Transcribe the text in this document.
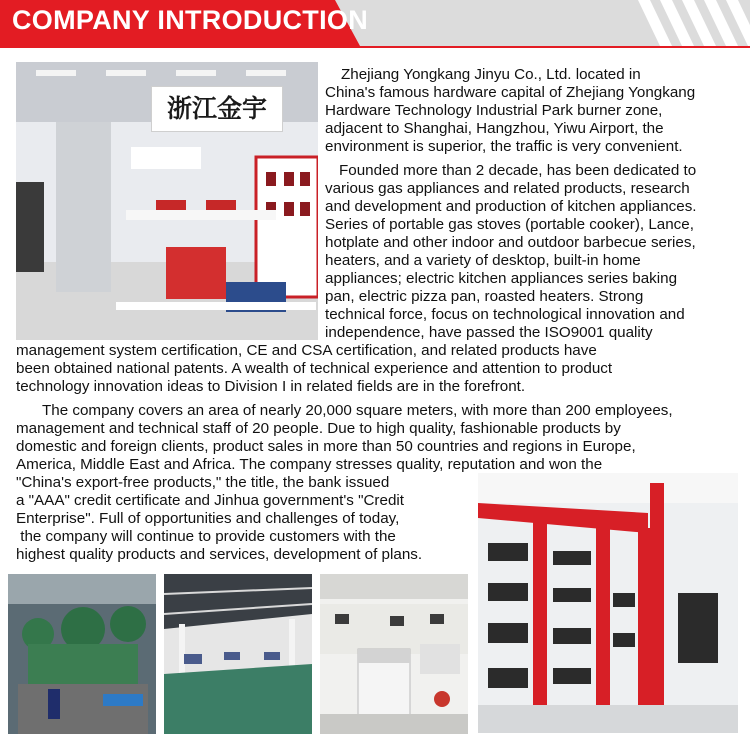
COMPANY INTRODUCTION
浙江金宇
Zhejiang Yongkang Jinyu Co., Ltd. located in
China's famous hardware capital of Zhejiang Yongkang
Hardware Technology Industrial Park burner zone,
adjacent to Shanghai, Hangzhou, Yiwu Airport, the
environment is superior, the traffic is very convenient.
Founded more than 2 decade, has been dedicated to
various gas appliances and related products, research
and development and production of kitchen appliances.
Series of portable gas stoves (portable cooker), Lance,
hotplate and other indoor and outdoor barbecue series,
heaters, and a variety of desktop, built-in home
appliances; electric kitchen appliances series baking
pan, electric pizza pan, roasted heaters. Strong
technical force, focus on technological innovation and
independence, have passed the ISO9001 quality
management system certification, CE and CSA certification, and related products have
been obtained national patents. A wealth of technical experience and attention to product
technology innovation ideas to Division I in related fields are in the forefront.
The company covers an area of nearly 20,000 square meters, with more than 200 employees,
management and technical staff of 20 people. Due to high quality, fashionable products by
domestic and foreign clients, product sales in more than 50 countries and regions in Europe,
America, Middle East and Africa. The company stresses quality, reputation and won the
"China's export-free products," the title, the bank issued
a "AAA" credit certificate and Jinhua government's "Credit
Enterprise". Full of opportunities and challenges of today,
the company will continue to provide customers with the
highest quality products and services, development of plans.
